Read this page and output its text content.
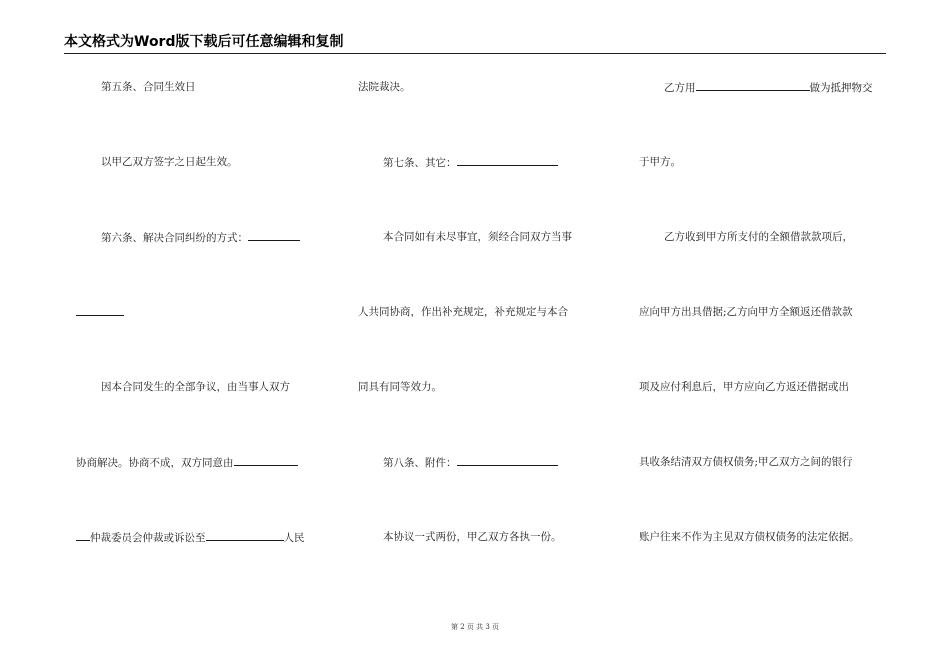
本文格式为Word版下载后可任意编辑和复制
第五条、合同生效日
以甲乙双方签字之日起生效。
第六条、解决合同纠纷的方式：
因本合同发生的全部争议，由当事人双方
协商解决。协商不成，双方同意由
仲裁委员会仲裁或诉讼至	人民
法院裁决。
第七条、其它：
本合同如有未尽事宜，须经合同双方当事
人共同协商，作出补充规定，补充规定与本合
同具有同等效力。
第八条、附件：
本协议一式两份，甲乙双方各执一份。
乙方用	做为抵押物交
于甲方。
乙方收到甲方所支付的全额借款款项后，
应向甲方出具借据;乙方向甲方全额返还借款款
项及应付利息后，甲方应向乙方返还借据或出
具收条结清双方债权债务;甲乙双方之间的银行
账户往来不作为主见双方债权债务的法定依据。
第 2 页 共 3 页
